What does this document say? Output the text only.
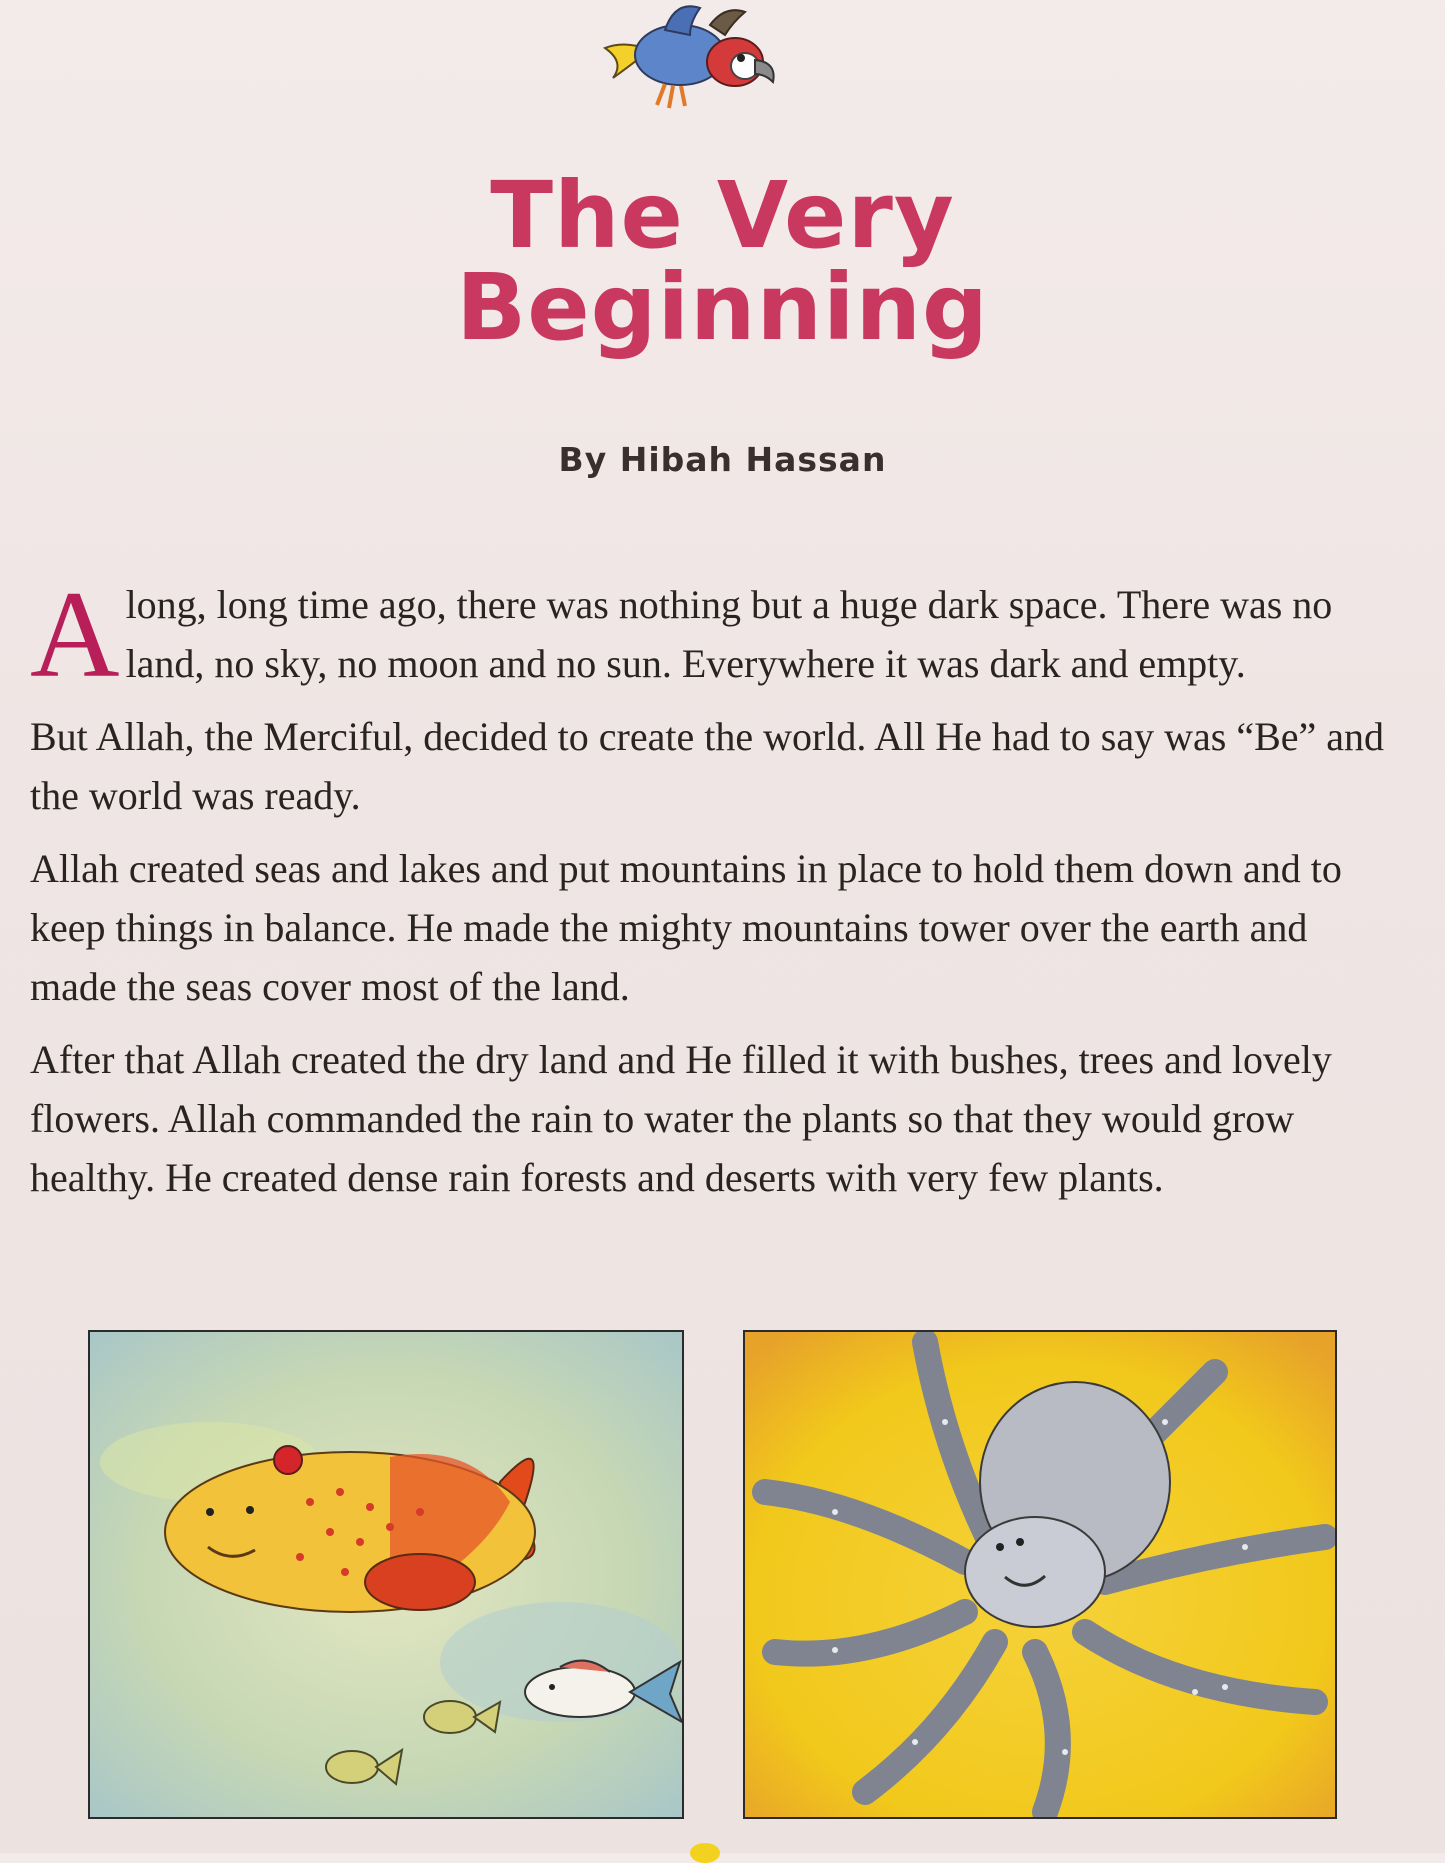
The Very
Beginning
By Hibah Hassan

A long, long time ago, there was nothing but a huge dark space. There was no land, no sky, no moon and no sun. Everywhere it was dark and empty.

But Allah, the Merciful, decided to create the world. All He had to say was “Be” and the world was ready.

Allah created seas and lakes and put mountains in place to hold them down and to keep things in balance. He made the mighty mountains tower over the earth and made the seas cover most of the land.

After that Allah created the dry land and He filled it with bushes, trees and lovely flowers. Allah commanded the rain to water the plants so that they would grow healthy. He created dense rain forests and deserts with very few plants.
